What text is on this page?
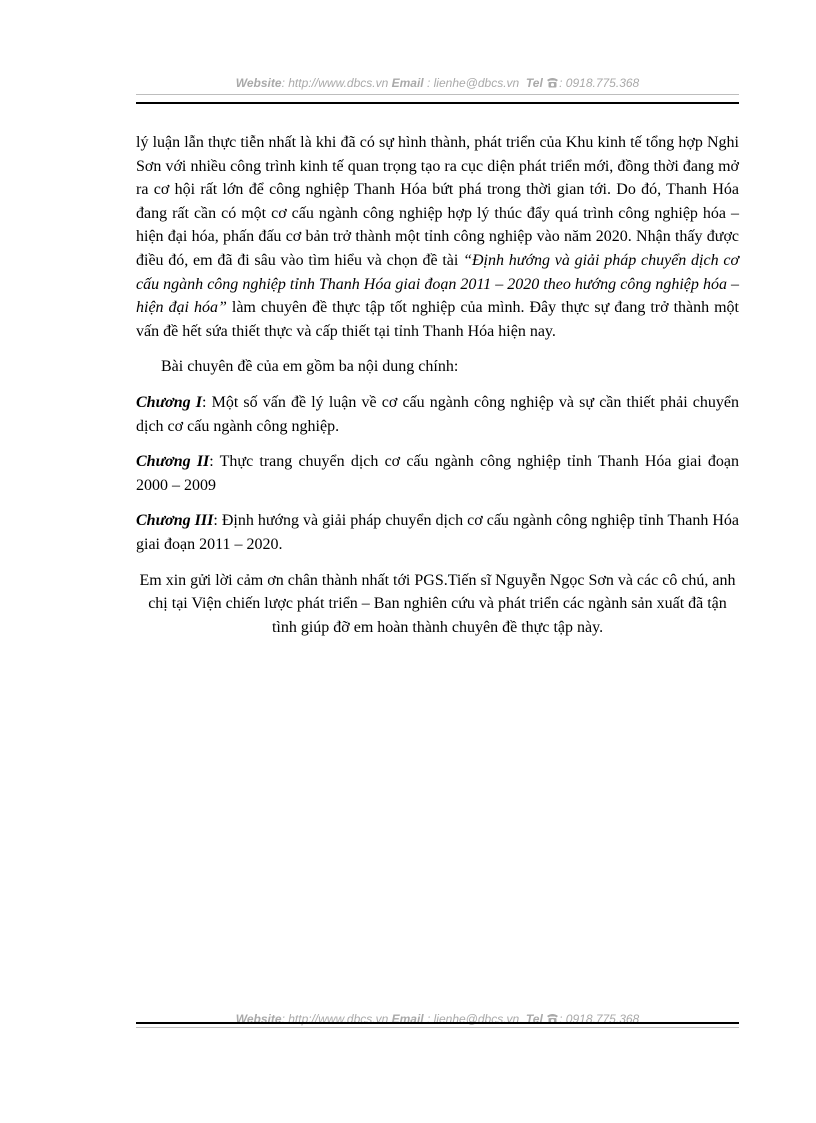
Website: http://www.dbcs.vn Email : lienhe@dbcs.vn Tel : 0918.775.368

lý luận lẫn thực tiễn nhất là khi đã có sự hình thành, phát triển của Khu kinh tế tổng hợp Nghi Sơn với nhiều công trình kinh tế quan trọng tạo ra cục diện phát triển mới, đồng thời đang mở ra cơ hội rất lớn để công nghiệp Thanh Hóa bứt phá trong thời gian tới. Do đó, Thanh Hóa đang rất cần có một cơ cấu ngành công nghiệp hợp lý thúc đẩy quá trình công nghiệp hóa – hiện đại hóa, phấn đấu cơ bản trở thành một tỉnh công nghiệp vào năm 2020. Nhận thấy được điều đó, em đã đi sâu vào tìm hiểu và chọn đề tài “Định hướng và giải pháp chuyển dịch cơ cấu ngành công nghiệp tỉnh Thanh Hóa giai đoạn 2011 – 2020 theo hướng công nghiệp hóa – hiện đại hóa” làm chuyên đề thực tập tốt nghiệp của mình. Đây thực sự đang trở thành một vấn đề hết sứa thiết thực và cấp thiết tại tỉnh Thanh Hóa hiện nay.

Bài chuyên đề của em gồm ba nội dung chính:

Chương I: Một số vấn đề lý luận về cơ cấu ngành công nghiệp và sự cần thiết phải chuyển dịch cơ cấu ngành công nghiệp.

Chương II: Thực trang chuyển dịch cơ cấu ngành công nghiệp tỉnh Thanh Hóa giai đoạn 2000 – 2009

Chương III: Định hướng và giải pháp chuyển dịch cơ cấu ngành công nghiệp tỉnh Thanh Hóa giai đoạn 2011 – 2020.

Em xin gửi lời cảm ơn chân thành nhất tới PGS.Tiến sĩ Nguyễn Ngọc Sơn và các cô chú, anh chị tại Viện chiến lược phát triển – Ban nghiên cứu và phát triển các ngành sản xuất đã tận tình giúp đỡ em hoàn thành chuyên đề thực tập này.

Website: http://www.dbcs.vn Email : lienhe@dbcs.vn Tel : 0918.775.368
